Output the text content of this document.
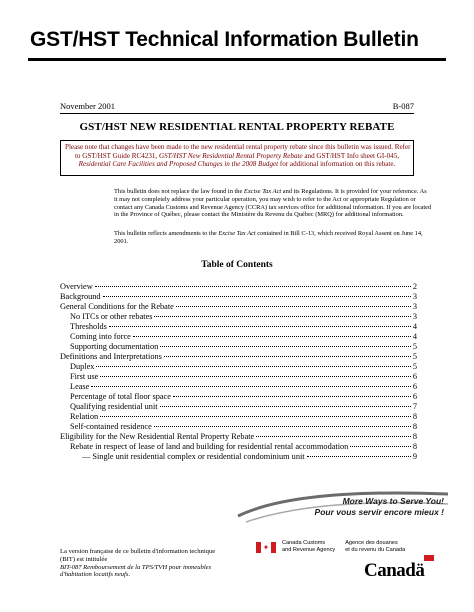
GST/HST Technical Information Bulletin
November 2001	B-087
GST/HST NEW RESIDENTIAL RENTAL PROPERTY REBATE
Please note that changes have been made to the new residential rental property rebate since this bulletin was issued. Refer
to GST/HST Guide RC4231, GST/HST New Residential Rental Property Rebate and GST/HST Info sheet GI-045,
Residential Care Facilities and Proposed Changes in the 2008 Budget for additional information on this rebate.
This bulletin does not replace the law found in the Excise Tax Act and its Regulations. It is provided for your reference. As
it may not completely address your particular operation, you may wish to refer to the Act or appropriate Regulation or
contact any Canada Customs and Revenue Agency (CCRA) tax services office for additional information. If you are located
in the Province of Québec, please contact the Ministère du Revenu du Québec (MRQ) for additional information.
This bulletin reflects amendments to the Excise Tax Act contained in Bill C-13, which received Royal Assent on June 14,
2001.
Table of Contents
Overview	2
Background	3
General Conditions for the Rebate	3
No ITCs or other rebates	3
Thresholds	4
Coming into force	4
Supporting documentation	5
Definitions and Interpretations	5
Duplex	5
First use	6
Lease	6
Percentage of total floor space	6
Qualifying residential unit	7
Relation	8
Self-contained residence	8
Eligibility for the New Residential Rental Property Rebate	8
Rebate in respect of lease of land and building for residential rental accommodation	8
— Single unit residential complex or residential condominium unit	9
More Ways to Serve You!
Pour vous servir encore mieux !
✦ Canada Customs
and Revenue Agency
Agence des douanes
et du revenu du Canada
Canadä
La version française de ce bulletin d'information technique
(BIT) est intitulée
BIT-087 Remboursement de la TPS/TVH pour immeubles
d'habitation locatifs neufs.
